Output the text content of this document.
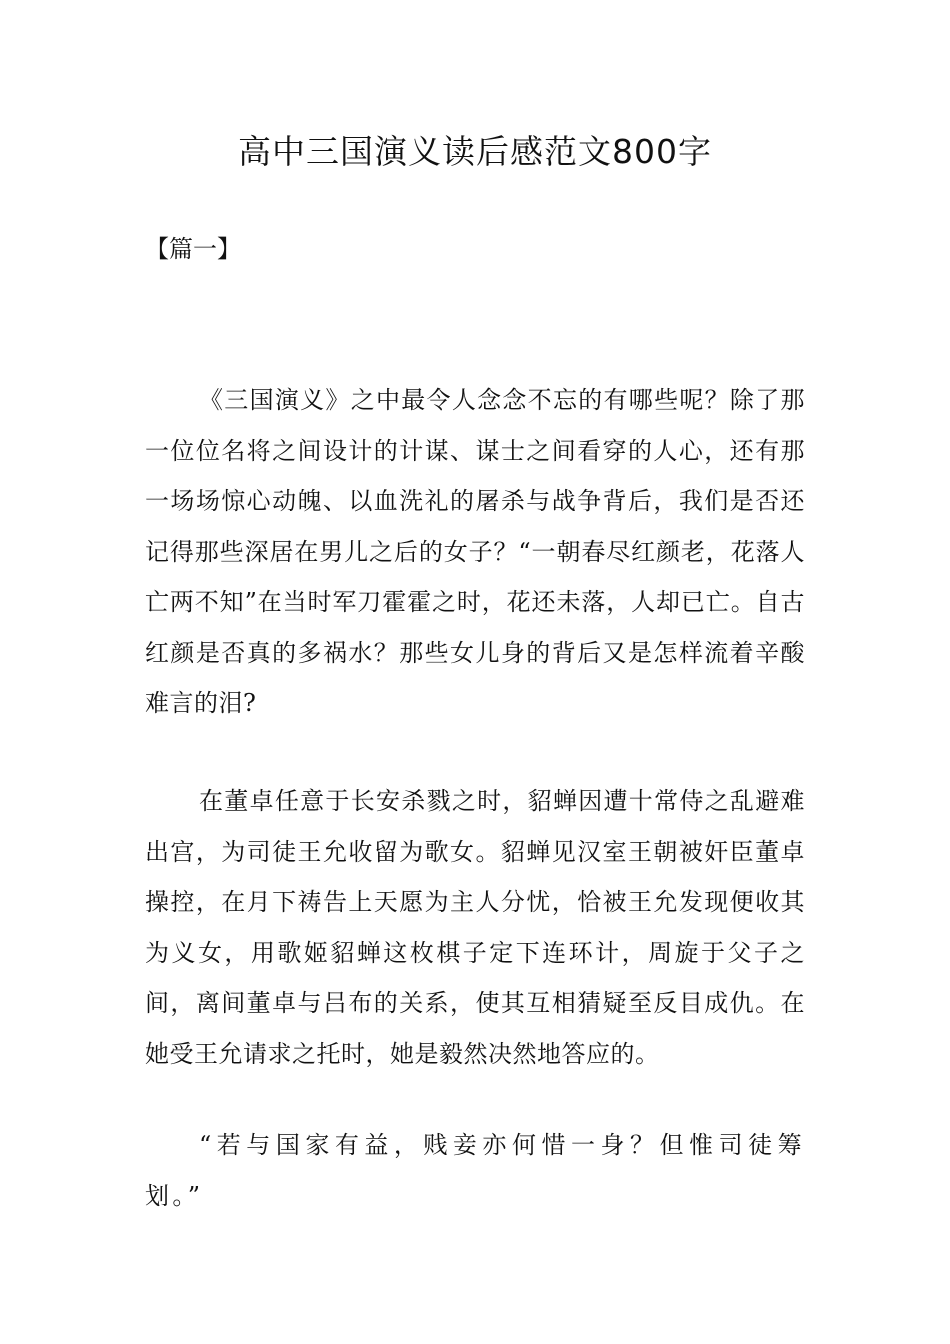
高中三国演义读后感范文800字

【篇一】

《三国演义》之中最令人念念不忘的有哪些呢？除了那一位位名将之间设计的计谋、谋士之间看穿的人心，还有那一场场惊心动魄、以血洗礼的屠杀与战争背后，我们是否还记得那些深居在男儿之后的女子？“一朝春尽红颜老，花落人亡两不知”在当时军刀霍霍之时，花还未落，人却已亡。自古红颜是否真的多祸水？那些女儿身的背后又是怎样流着辛酸难言的泪?

在董卓任意于长安杀戮之时，貂蝉因遭十常侍之乱避难出宫，为司徒王允收留为歌女。貂蝉见汉室王朝被奸臣董卓操控，在月下祷告上天愿为主人分忧，恰被王允发现便收其为义女，用歌姬貂蝉这枚棋子定下连环计，周旋于父子之间，离间董卓与吕布的关系，使其互相猜疑至反目成仇。在她受王允请求之托时，她是毅然决然地答应的。

“若与国家有益，贱妾亦何惜一身？但惟司徒筹划。”
